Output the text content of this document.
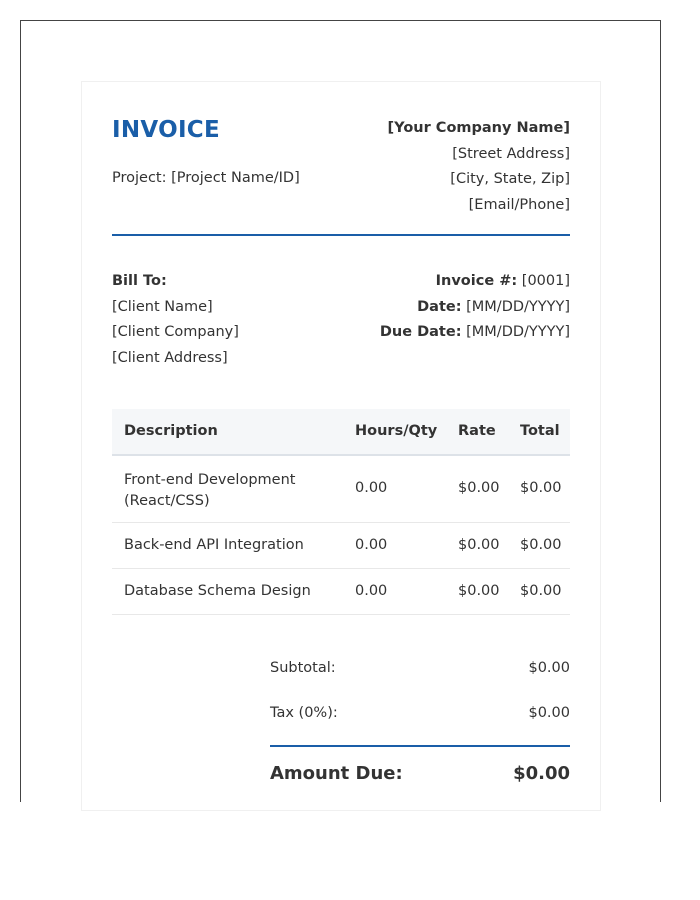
INVOICE
Project: [Project Name/ID]
[Your Company Name]
[Street Address]
[City, State, Zip]
[Email/Phone]
Bill To:
[Client Name]
[Client Company]
[Client Address]
Invoice #: [0001]
Date: [MM/DD/YYYY]
Due Date: [MM/DD/YYYY]
Description	Hours/Qty Rate Total
Front-end Development
(React/CSS)
0.00	$0.00 $0.00
Back-end API Integration	0.00	$0.00 $0.00
Database Schema Design	0.00	$0.00 $0.00
Subtotal:	$0.00
Tax (0%):	$0.00
Amount Due:	$0.00
